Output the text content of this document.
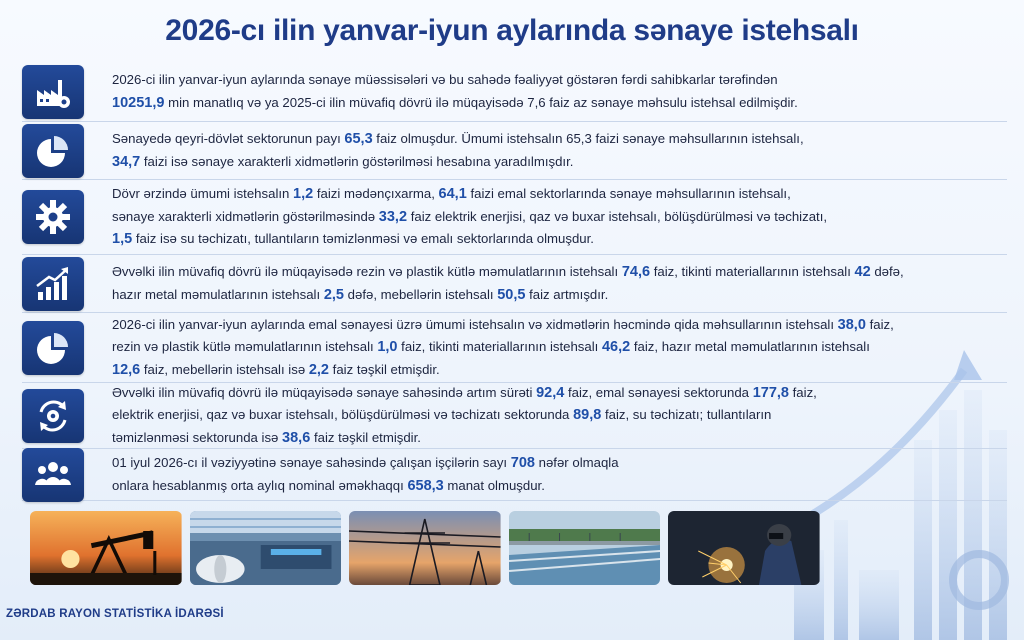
2026-cı ilin yanvar-iyun aylarında sənaye istehsalı
2026-ci ilin yanvar-iyun aylarında sənaye müəssisələri və bu sahədə fəaliyyət göstərən fərdi sahibkarlar tərəfindən
10251,9 min manatlıq və ya 2025-ci ilin müvafiq dövrü ilə müqayisədə 7,6 faiz az sənaye məhsulu istehsal edilmişdir.
Sənayedə qeyri-dövlət sektorunun payı 65,3 faiz olmuşdur. Ümumi istehsalın 65,3 faizi sənaye məhsullarının istehsalı,
34,7 faizi isə sənaye xarakterli xidmətlərin göstərilməsi hesabına yaradılmışdır.
Dövr ərzində ümumi istehsalın 1,2 faizi mədənçıxarma, 64,1 faizi emal sektorlarında sənaye məhsullarının istehsalı,
sənaye xarakterli xidmətlərin göstərilməsində 33,2 faiz elektrik enerjisi, qaz və buxar istehsalı, bölüşdürülməsi və təchizatı,
1,5 faiz isə su təchizatı, tullantıların təmizlənməsi və emalı sektorlarında olmuşdur.
Əvvəlki ilin müvafiq dövrü ilə müqayisədə rezin və plastik kütlə məmulatlarının istehsalı 74,6 faiz, tikinti materiallarının istehsalı 42 dəfə,
hazır metal məmulatlarının istehsalı 2,5 dəfə, mebellərin istehsalı 50,5 faiz artmışdır.
2026-ci ilin yanvar-iyun aylarında emal sənayesi üzrə ümumi istehsalın və xidmətlərin həcmində qida məhsullarının istehsalı 38,0 faiz,
rezin və plastik kütlə məmulatlarının istehsalı 1,0 faiz, tikinti materiallarının istehsalı 46,2 faiz, hazır metal məmulatlarının istehsalı
12,6 faiz, mebellərin istehsalı isə 2,2 faiz təşkil etmişdir.
Əvvəlki ilin müvafiq dövrü ilə müqayisədə sənaye sahəsində artım sürəti 92,4 faiz, emal sənayesi sektorunda 177,8 faiz,
elektrik enerjisi, qaz və buxar istehsalı, bölüşdürülməsi və təchizatı sektorunda 89,8 faiz, su təchizatı; tullantıların
təmizlənməsi sektorunda isə 38,6 faiz təşkil etmişdir.
01 iyul 2026-cı il vəziyyətinə sənaye sahəsində çalışan işçilərin sayı 708 nəfər olmaqla
onlara hesablanmış orta aylıq nominal əməkhaqqı 658,3 manat olmuşdur.
ZƏRDAB RAYON STATİSTİKA İDARƏSİ
